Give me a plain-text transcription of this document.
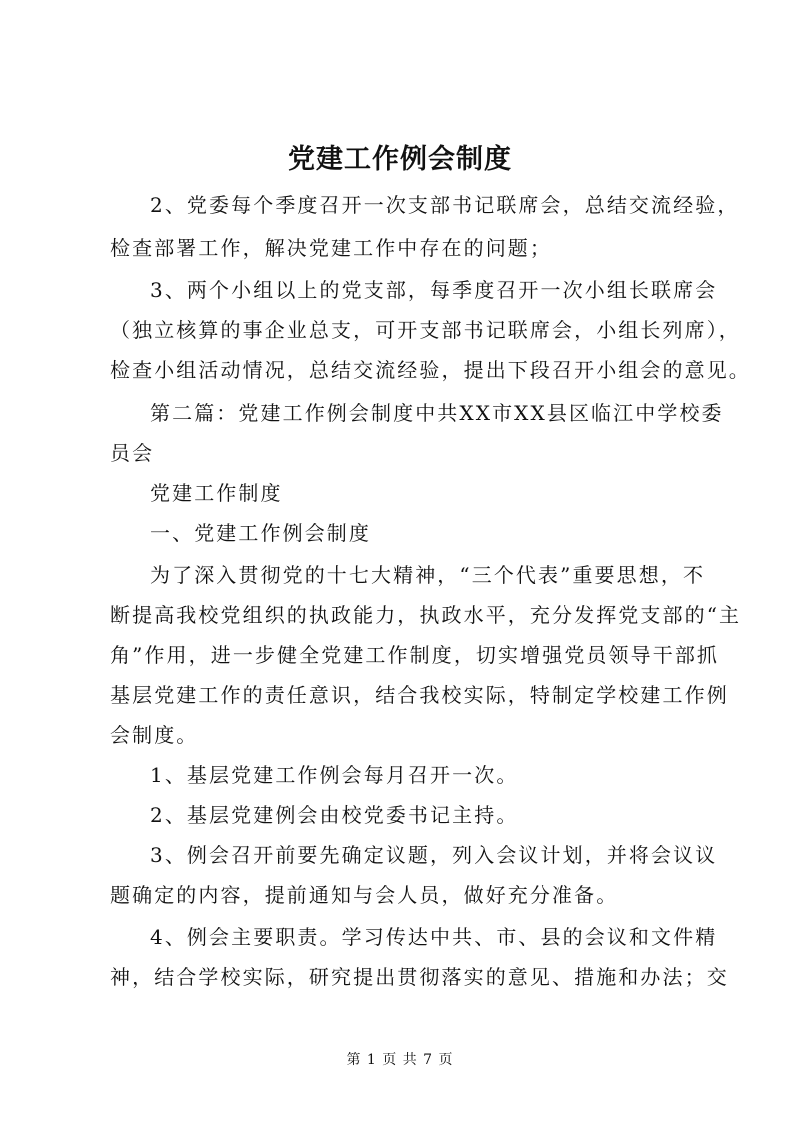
党建工作例会制度
2、党委每个季度召开一次支部书记联席会，总结交流经验，
检查部署工作，解决党建工作中存在的问题；
3、两个小组以上的党支部，每季度召开一次小组长联席会
（独立核算的事企业总支，可开支部书记联席会，小组长列席），
检查小组活动情况，总结交流经验，提出下段召开小组会的意见。
第二篇：党建工作例会制度中共XX市XX县区临江中学校委
员会
党建工作制度
一、党建工作例会制度
为了深入贯彻党的十七大精神，“三个代表”重要思想，不
断提高我校党组织的执政能力，执政水平，充分发挥党支部的“主
角”作用，进一步健全党建工作制度，切实增强党员领导干部抓
基层党建工作的责任意识，结合我校实际，特制定学校建工作例
会制度。
1、基层党建工作例会每月召开一次。
2、基层党建例会由校党委书记主持。
3、例会召开前要先确定议题，列入会议计划，并将会议议
题确定的内容，提前通知与会人员，做好充分准备。
4、例会主要职责。学习传达中共、市、县的会议和文件精
神，结合学校实际，研究提出贯彻落实的意见、措施和办法；交
第 1 页 共 7 页
